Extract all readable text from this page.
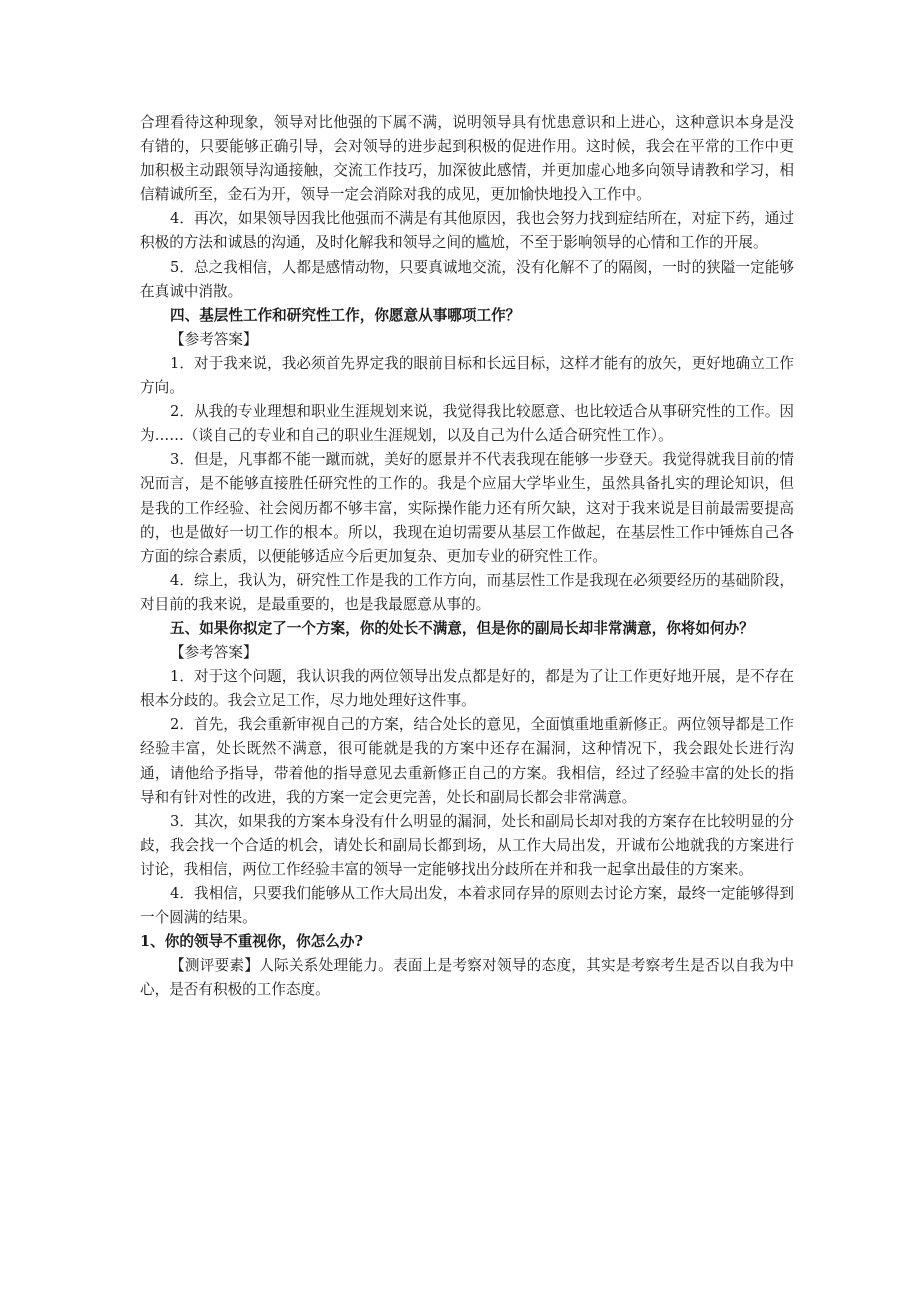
合理看待这种现象，领导对比他强的下属不满，说明领导具有忧患意识和上进心，这种意识本身是没有错的，只要能够正确引导，会对领导的进步起到积极的促进作用。这时候，我会在平常的工作中更加积极主动跟领导沟通接触，交流工作技巧，加深彼此感情，并更加虚心地多向领导请教和学习，相信精诚所至，金石为开，领导一定会消除对我的成见，更加愉快地投入工作中。

4．再次，如果领导因我比他强而不满是有其他原因，我也会努力找到症结所在，对症下药，通过积极的方法和诚恳的沟通，及时化解我和领导之间的尴尬，不至于影响领导的心情和工作的开展。

5．总之我相信，人都是感情动物，只要真诚地交流，没有化解不了的隔阂，一时的狭隘一定能够在真诚中消散。

四、基层性工作和研究性工作，你愿意从事哪项工作？

【参考答案】

1．对于我来说，我必须首先界定我的眼前目标和长远目标，这样才能有的放矢，更好地确立工作方向。

2．从我的专业理想和职业生涯规划来说，我觉得我比较愿意、也比较适合从事研究性的工作。因为……（谈自己的专业和自己的职业生涯规划，以及自己为什么适合研究性工作）。

3．但是，凡事都不能一蹴而就，美好的愿景并不代表我现在能够一步登天。我觉得就我目前的情况而言，是不能够直接胜任研究性的工作的。我是个应届大学毕业生，虽然具备扎实的理论知识，但是我的工作经验、社会阅历都不够丰富，实际操作能力还有所欠缺，这对于我来说是目前最需要提高的，也是做好一切工作的根本。所以，我现在迫切需要从基层工作做起，在基层性工作中锤炼自己各方面的综合素质，以便能够适应今后更加复杂、更加专业的研究性工作。

4．综上，我认为，研究性工作是我的工作方向，而基层性工作是我现在必须要经历的基础阶段，对目前的我来说，是最重要的，也是我最愿意从事的。

五、如果你拟定了一个方案，你的处长不满意，但是你的副局长却非常满意，你将如何办？

【参考答案】

1．对于这个问题，我认识我的两位领导出发点都是好的，都是为了让工作更好地开展，是不存在根本分歧的。我会立足工作，尽力地处理好这件事。

2．首先，我会重新审视自己的方案，结合处长的意见，全面慎重地重新修正。两位领导都是工作经验丰富，处长既然不满意，很可能就是我的方案中还存在漏洞，这种情况下，我会跟处长进行沟通，请他给予指导，带着他的指导意见去重新修正自己的方案。我相信，经过了经验丰富的处长的指导和有针对性的改进，我的方案一定会更完善，处长和副局长都会非常满意。

3．其次，如果我的方案本身没有什么明显的漏洞，处长和副局长却对我的方案存在比较明显的分歧，我会找一个合适的机会，请处长和副局长都到场，从工作大局出发，开诚布公地就我的方案进行讨论，我相信，两位工作经验丰富的领导一定能够找出分歧所在并和我一起拿出最佳的方案来。

4．我相信，只要我们能够从工作大局出发，本着求同存异的原则去讨论方案，最终一定能够得到一个圆满的结果。

1、你的领导不重视你，你怎么办?

【测评要素】人际关系处理能力。表面上是考察对领导的态度，其实是考察考生是否以自我为中心，是否有积极的工作态度。
